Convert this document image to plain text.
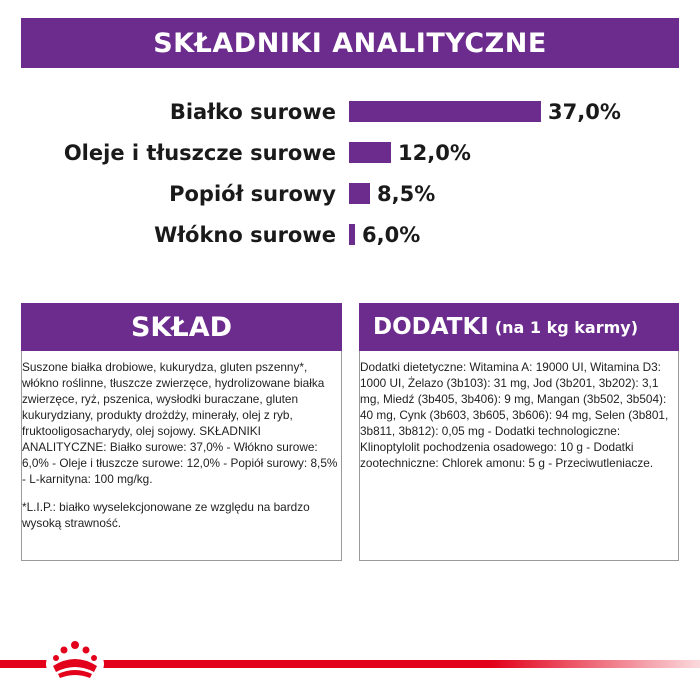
SKŁADNIKI ANALITYCZNE
Białko surowe	37,0%
Oleje i tłuszcze surowe	12,0%
Popiół surowy 8,5%
Włókno surowe 6,0%
SKŁAD
Suszone białka drobiowe, kukurydza, gluten pszenny*, włókno roślinne, tłuszcze zwierzęce, hydrolizowane białka zwierzęce, ryż, pszenica, wysłodki buraczane, gluten kukurydziany, produkty drożdży, minerały, olej z ryb, fruktooligosacharydy, olej sojowy. SKŁADNIKI ANALITYCZNE: Białko surowe: 37,0% - Włókno surowe: 6,0% - Oleje i tłuszcze surowe: 12,0% - Popiół surowy: 8,5% - L-karnityna: 100 mg/kg.
*L.I.P.: białko wyselekcjonowane ze względu na bardzo wysoką strawność.
DODATKI (na 1 kg karmy)
Dodatki dietetyczne: Witamina A: 19000 UI, Witamina D3: 1000 UI, Żelazo (3b103): 31 mg, Jod (3b201, 3b202): 3,1 mg, Miedź (3b405, 3b406): 9 mg, Mangan (3b502, 3b504): 40 mg, Cynk (3b603, 3b605, 3b606): 94 mg, Selen (3b801, 3b811, 3b812): 0,05 mg - Dodatki technologiczne: Klinoptylolit pochodzenia osadowego: 10 g - Dodatki zootechniczne: Chlorek amonu: 5 g - Przeciwutleniacze.
